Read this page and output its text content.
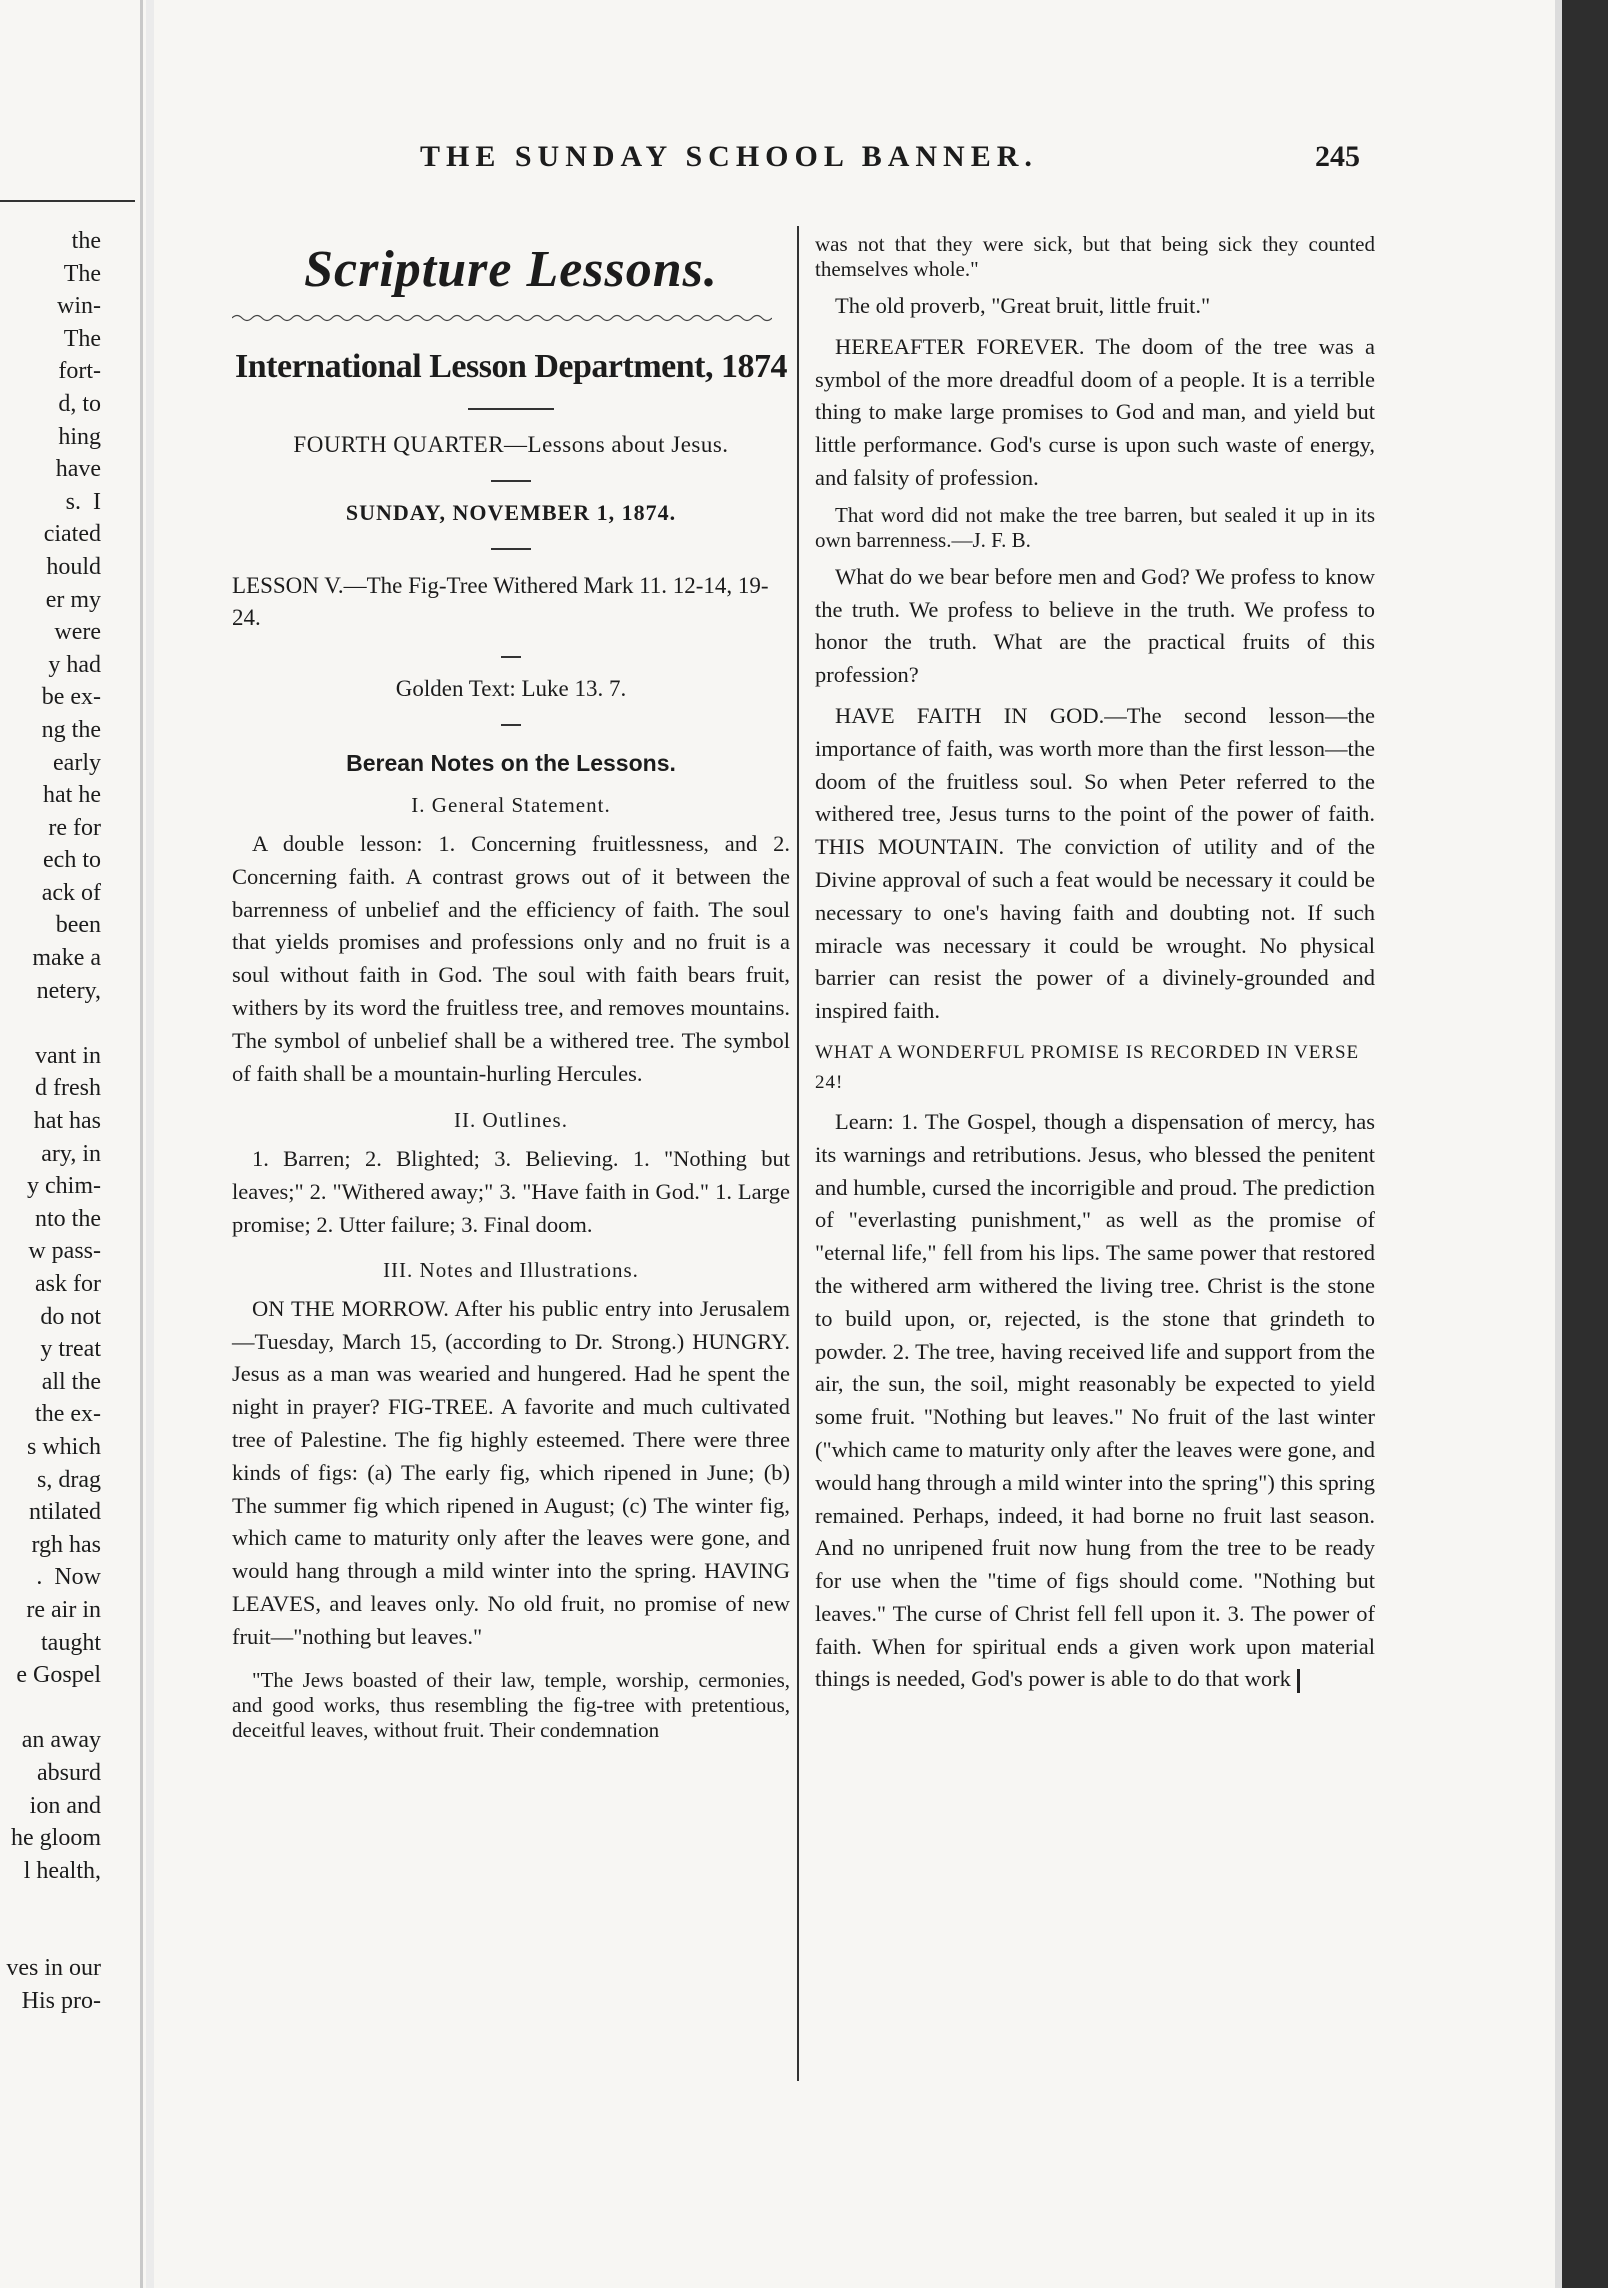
the
The
win-
The
fort-
d, to
hing
have
s.  I
ciated
hould
er my
were
y had
be ex-
ng the
early
hat he
re for
ech to
ack of
been
make a
netery,

vant in
d fresh
hat has
ary, in
y chim-
nto the
w pass-
ask for
do not
y treat
all the
the ex-
s which
s, drag
ntilated
rgh has
.  Now
re air in
taught
e Gospel

an away
absurd
ion and
he gloom
l health,

ves in our
His pro-
THE SUNDAY SCHOOL BANNER.	245
Scripture Lessons.
International Lesson Department, 1874
FOURTH QUARTER—Lessons about Jesus.
SUNDAY, NOVEMBER 1, 1874.
LESSON V.—The Fig-Tree Withered Mark 11. 12-14, 19-24.
Golden Text: Luke 13. 7.
Berean Notes on the Lessons.
I. General Statement.
A double lesson: 1. Concerning fruitlessness, and 2. Concerning faith. A contrast grows out of it between the barrenness of unbelief and the efficiency of faith. The soul that yields promises and professions only and no fruit is a soul without faith in God. The soul with faith bears fruit, withers by its word the fruitless tree, and removes mountains. The symbol of unbelief shall be a withered tree. The symbol of faith shall be a mountain-hurling Hercules.
II. Outlines.
1. Barren; 2. Blighted; 3. Believing. 1. "Nothing but leaves;" 2. "Withered away;" 3. "Have faith in God." 1. Large promise; 2. Utter failure; 3. Final doom.
III. Notes and Illustrations.
ON THE MORROW. After his public entry into Jerusalem—Tuesday, March 15, (according to Dr. Strong.) HUNGRY. Jesus as a man was wearied and hungered. Had he spent the night in prayer? FIG-TREE. A favorite and much cultivated tree of Palestine. The fig highly esteemed. There were three kinds of figs: (a) The early fig, which ripened in June; (b) The summer fig which ripened in August; (c) The winter fig, which came to maturity only after the leaves were gone, and would hang through a mild winter into the spring. HAVING LEAVES, and leaves only. No old fruit, no promise of new fruit—"nothing but leaves."
"The Jews boasted of their law, temple, worship, cermonies, and good works, thus resembling the fig-tree with pretentious, deceitful leaves, without fruit. Their condemnation
was not that they were sick, but that being sick they counted themselves whole."
The old proverb, "Great bruit, little fruit."
HEREAFTER FOREVER. The doom of the tree was a symbol of the more dreadful doom of a people. It is a terrible thing to make large promises to God and man, and yield but little performance. God's curse is upon such waste of energy, and falsity of profession.
That word did not make the tree barren, but sealed it up in its own barrenness.—J. F. B.
What do we bear before men and God? We profess to know the truth. We profess to believe in the truth. We profess to honor the truth. What are the practical fruits of this profession?
HAVE FAITH IN GOD.—The second lesson—the importance of faith, was worth more than the first lesson—the doom of the fruitless soul. So when Peter referred to the withered tree, Jesus turns to the point of the power of faith. THIS MOUNTAIN. The conviction of utility and of the Divine approval of such a feat would be necessary it could be necessary to one's having faith and doubting not. If such miracle was necessary it could be wrought. No physical barrier can resist the power of a divinely-grounded and inspired faith.
WHAT A WONDERFUL PROMISE IS RECORDED IN VERSE 24!
Learn: 1. The Gospel, though a dispensation of mercy, has its warnings and retributions. Jesus, who blessed the penitent and humble, cursed the incorrigible and proud. The prediction of "everlasting punishment," as well as the promise of "eternal life," fell from his lips. The same power that restored the withered arm withered the living tree. Christ is the stone to build upon, or, rejected, is the stone that grindeth to powder. 2. The tree, having received life and support from the air, the sun, the soil, might reasonably be expected to yield some fruit. "Nothing but leaves." No fruit of the last winter ("which came to maturity only after the leaves were gone, and would hang through a mild winter into the spring") this spring remained. Perhaps, indeed, it had borne no fruit last season. And no unripened fruit now hung from the tree to be ready for use when the "time of figs should come. "Nothing but leaves." The curse of Christ fell fell upon it. 3. The power of faith. When for spiritual ends a given work upon material things is needed, God's power is able to do that work
